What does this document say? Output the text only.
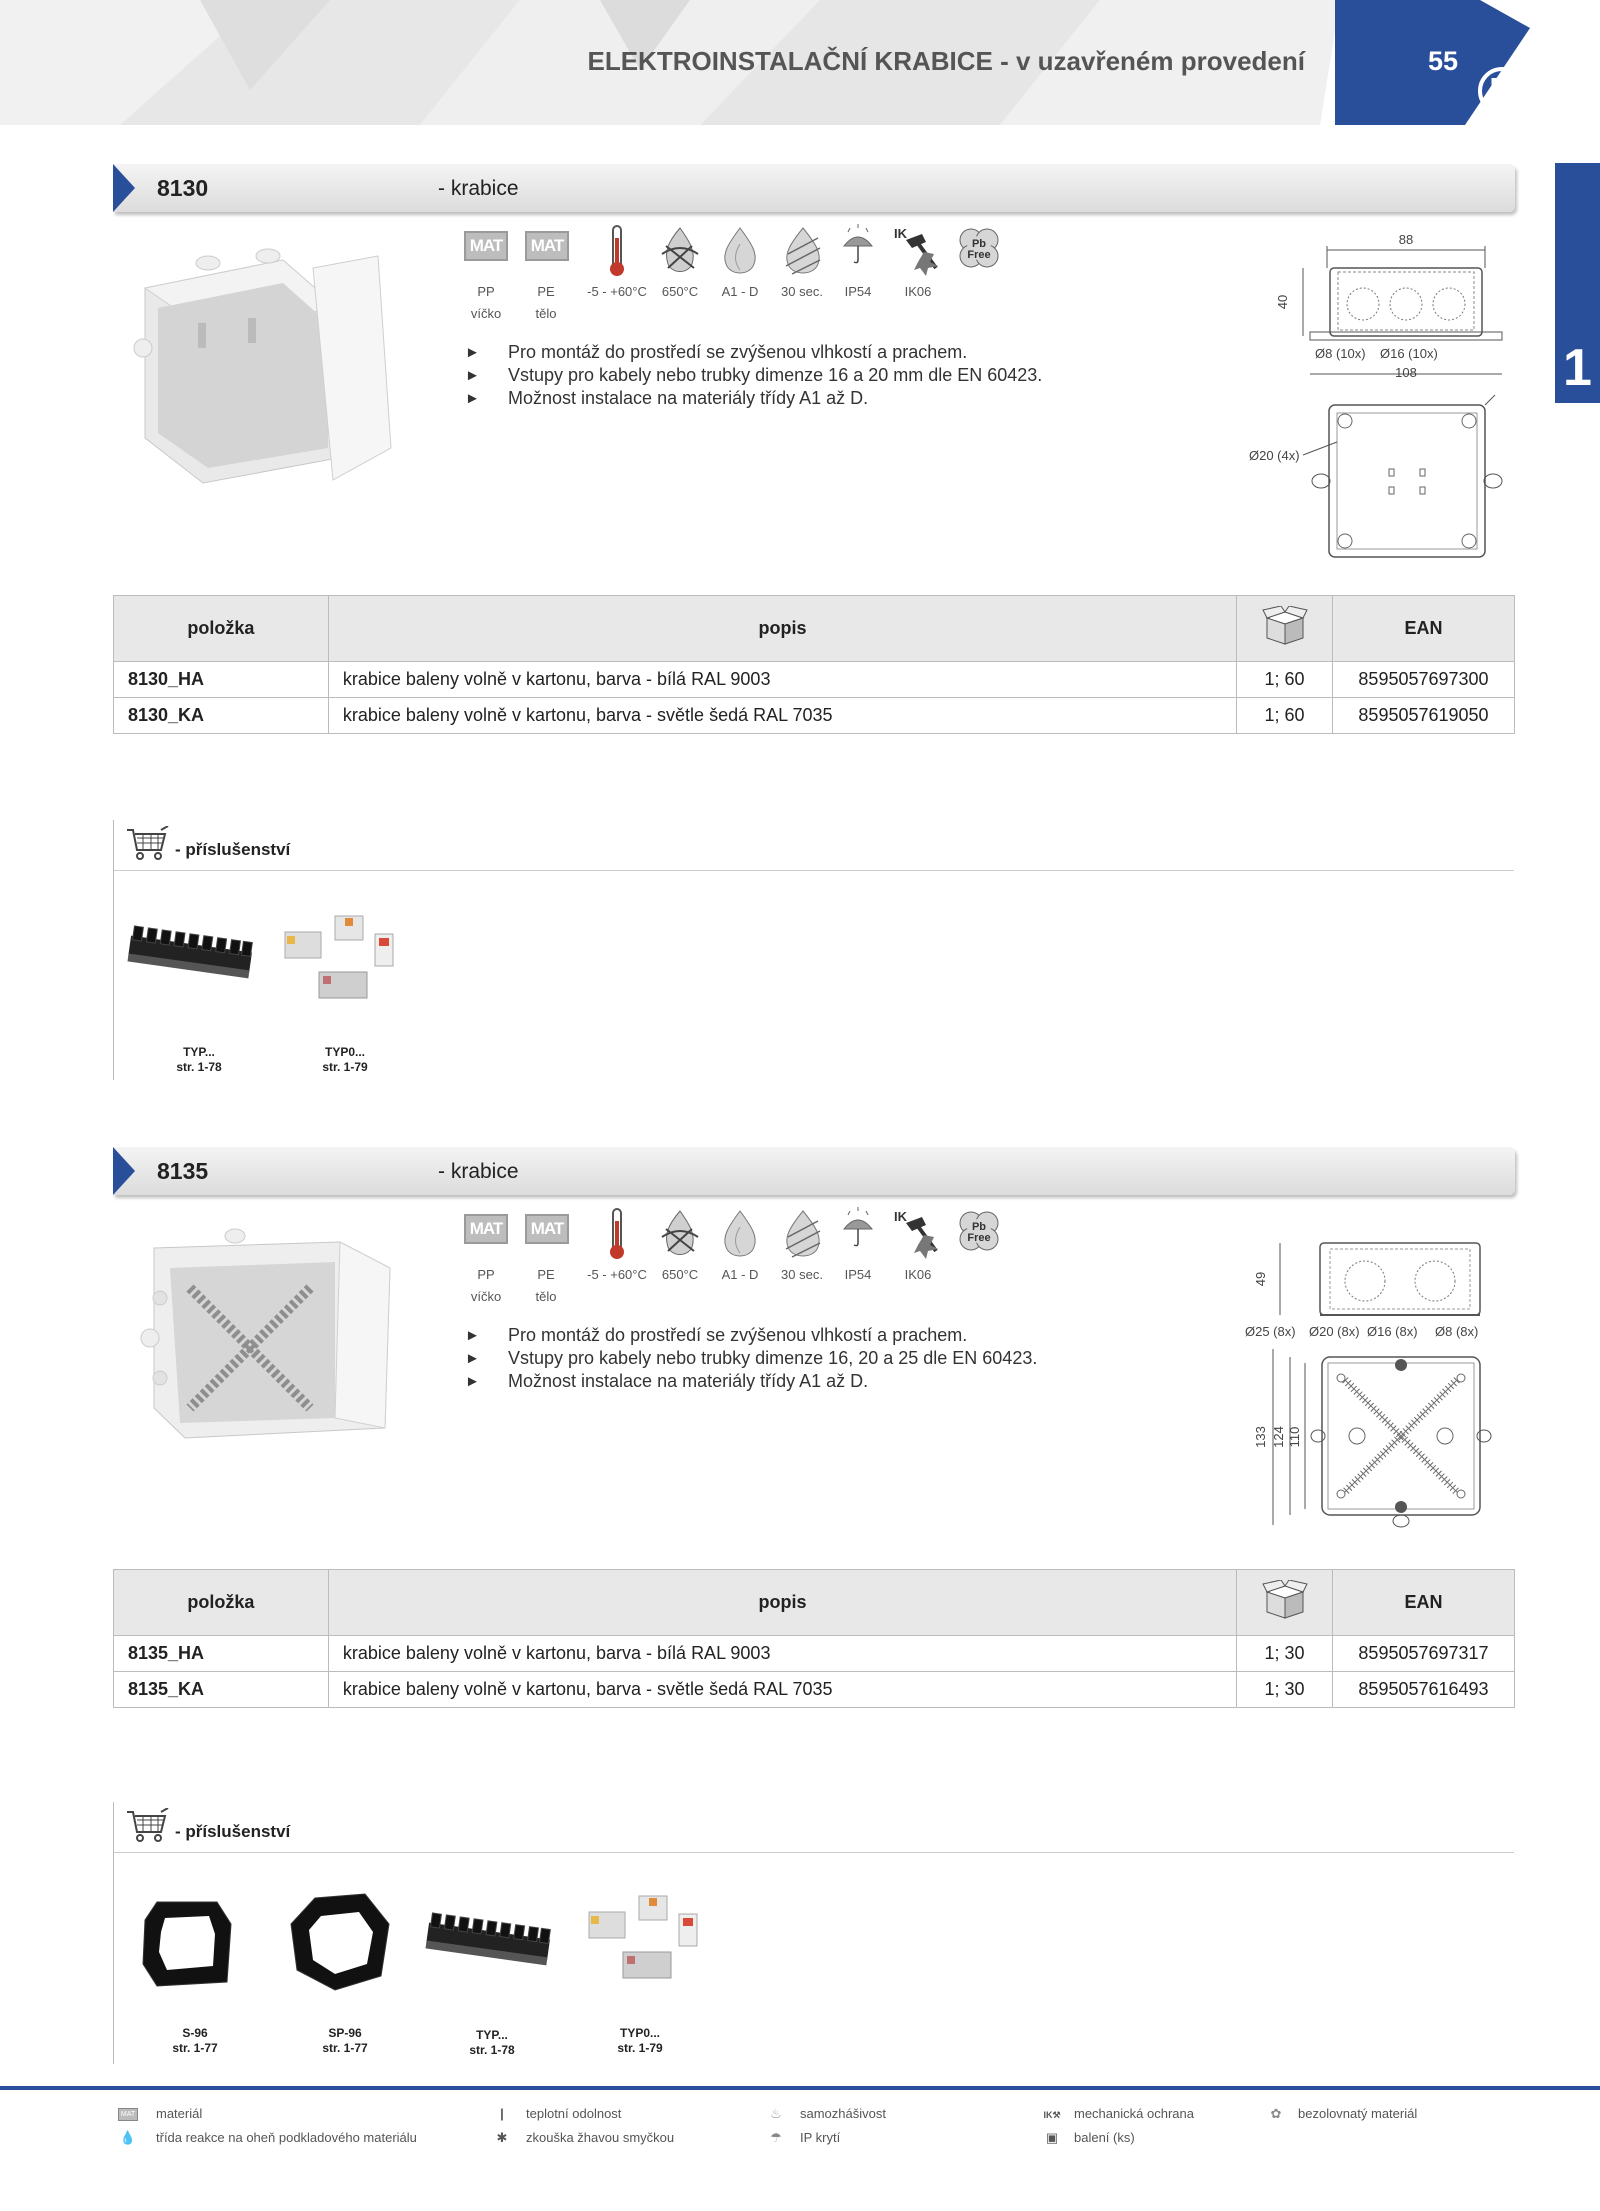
ELEKTROINSTALAČNÍ KRABICE - v uzavřeném provedení	55
1
8130	- krabice
MAT	MAT
IK
Pb
Free
PP
víčko
PE
tělo
-5 - +60°C	650°C	A1 - D	30 sec.	IP54	IK06
► Pro montáž do prostředí se zvýšenou vlhkostí a prachem.
► Vstupy pro kabely nebo trubky dimenze 16 a 20 mm dle EN 60423.
► Možnost instalace na materiály třídy A1 až D.
88
40
Ø8 (10x) Ø16 (10x)
108
Ø20 (4x)
položka	popis		EAN
8130_HA	krabice baleny volně v kartonu, barva - bílá RAL 9003	1; 60	8595057697300
8130_KA	krabice baleny volně v kartonu, barva - světle šedá RAL 7035	1; 60	8595057619050
- příslušenství
TYP...
str. 1-78
TYP0...
str. 1-79
8135	- krabice
MAT	MAT
IK
Pb
Free
PP
víčko
PE
tělo
-5 - +60°C	650°C	A1 - D	30 sec.	IP54	IK06
► Pro montáž do prostředí se zvýšenou vlhkostí a prachem.
► Vstupy pro kabely nebo trubky dimenze 16, 20 a 25 dle EN 60423.
► Možnost instalace na materiály třídy A1 až D.
49
Ø25 (8x) Ø20 (8x) Ø16 (8x) Ø8 (8x)
133 124 110
položka	popis		EAN
8135_HA	krabice baleny volně v kartonu, barva - bílá RAL 9003	1; 30	8595057697317
8135_KA	krabice baleny volně v kartonu, barva - světle šedá RAL 7035	1; 30	8595057616493
- příslušenství
S-96
str. 1-77
SP-96
str. 1-77
TYP...
str. 1-78
TYP0...
str. 1-79
MAT materiál
💧 třída reakce na oheň podkladového materiálu
| teplotní odolnost
✱ zkouška žhavou smyčkou
♨ samozhášivost
☂ IP krytí
IK⚒ mechanická ochrana
▣ balení (ks)
✿ bezolovnatý materiál
